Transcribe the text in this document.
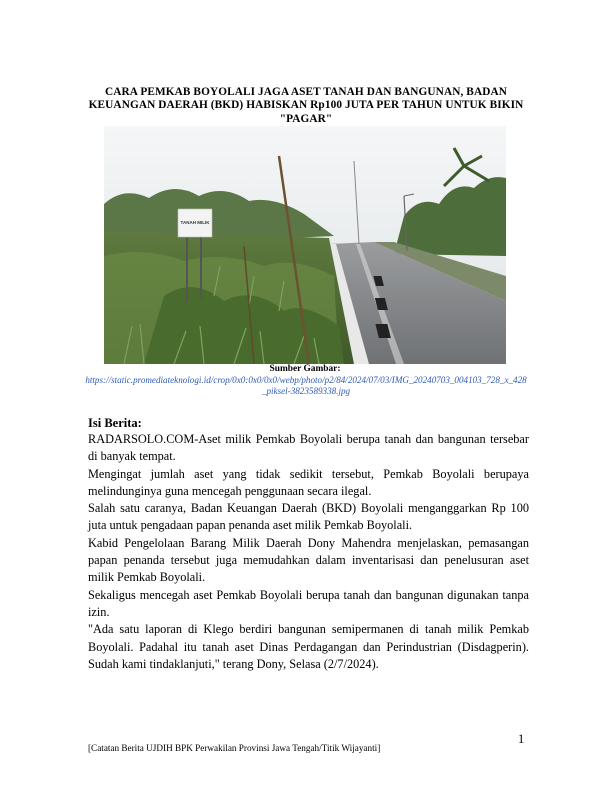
CARA PEMKAB BOYOLALI JAGA ASET TANAH DAN BANGUNAN, BADAN KEUANGAN DAERAH (BKD) HABISKAN Rp100 JUTA PER TAHUN UNTUK BIKIN "PAGAR"
TANAH MILIK
Sumber Gambar:
https://static.promediateknologi.id/crop/0x0:0x0/0x0/webp/photo/p2/84/2024/07/03/IMG_20240703_004103_728_x_428_piksel-3823589338.jpg
Isi Berita:

RADARSOLO.COM-Aset milik Pemkab Boyolali berupa tanah dan bangunan tersebar di banyak tempat.

Mengingat jumlah aset yang tidak sedikit tersebut, Pemkab Boyolali berupaya melindunginya guna mencegah penggunaan secara ilegal.

Salah satu caranya, Badan Keuangan Daerah (BKD) Boyolali menganggarkan Rp 100 juta untuk pengadaan papan penanda aset milik Pemkab Boyolali.

Kabid Pengelolaan Barang Milik Daerah Dony Mahendra menjelaskan, pemasangan papan penanda tersebut juga memudahkan dalam inventarisasi dan penelusuran aset milik Pemkab Boyolali.

Sekaligus mencegah aset Pemkab Boyolali berupa tanah dan bangunan digunakan tanpa izin.

"Ada satu laporan di Klego berdiri bangunan semipermanen di tanah milik Pemkab Boyolali. Padahal itu tanah aset Dinas Perdagangan dan Perindustrian (Disdagperin). Sudah kami tindaklanjuti," terang Dony, Selasa (2/7/2024).

1
[Catatan Berita UJDIH BPK Perwakilan Provinsi Jawa Tengah/Titik Wijayanti]
